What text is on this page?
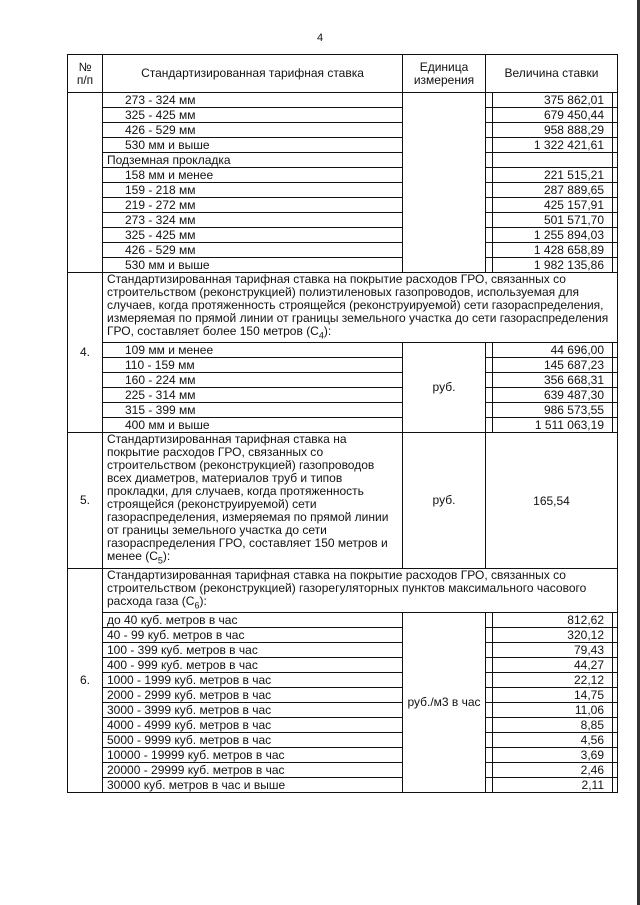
4
№ п/п	Стандартизированная тарифная ставка	Единица измерения	Величина ставки
	273 - 324 мм		375 862,01

	325 - 425 мм		679 450,44

	426 - 529 мм		958 888,29

	530 мм и выше		1 322 421,61

	Подземная прокладка		

	158 мм и менее		221 515,21

	159 - 218 мм		287 889,65

	219 - 272 мм		425 157,91

	273 - 324 мм		501 571,70

	325 - 425 мм		1 255 894,03

	426 - 529 мм		1 428 658,89

	530 мм и выше		1 982 135,86

4.	Стандартизированная тарифная ставка на покрытие расходов ГРО, связанных со строительством (реконструкцией) полиэтиленовых газопроводов, используемая для случаев, когда протяженность строящейся (реконструируемой) сети газораспределения, измеряемая по прямой линии от границы земельного участка до сети газораспределения ГРО, составляет более 150 метров $(С_4)$:		
	109 мм и менее	руб.	44 696,00

	110 - 159 мм		145 687,23

	160 - 224 мм		356 668,31

	225 - 314 мм		639 487,30

	315 - 399 мм		986 573,55

	400 мм и выше		1 511 063,19

5.	Стандартизированная тарифная ставка на покрытие расходов ГРО, связанных со строительством (реконструкцией) газопроводов всех диаметров, материалов труб и типов прокладки, для случаев, когда протяженность строящейся (реконструируемой) сети газораспределения, измеряемая по прямой линии от границы земельного участка до сети газораспределения ГРО, составляет 150 метров и менее $(С_5)$:	руб.	165,54

6.	Стандартизированная тарифная ставка на покрытие расходов ГРО, связанных со строительством (реконструкцией) газорегуляторных пунктов максимального часового расхода газа $(С_6)$:		
	до 40 куб. метров в час	руб./м3 в час	812,62

	40 - 99 куб. метров в час		320,12

	100 - 399 куб. метров в час		79,43

	400 - 999 куб. метров в час		44,27

	1000 - 1999 куб. метров в час		22,12

	2000 - 2999 куб. метров в час		14,75

	3000 - 3999 куб. метров в час		11,06

	4000 - 4999 куб. метров в час		8,85

	5000 - 9999 куб. метров в час		4,56

	10000 - 19999 куб. метров в час		3,69

	20000 - 29999 куб. метров в час		2,46

	30000 куб. метров в час и выше		2,11
